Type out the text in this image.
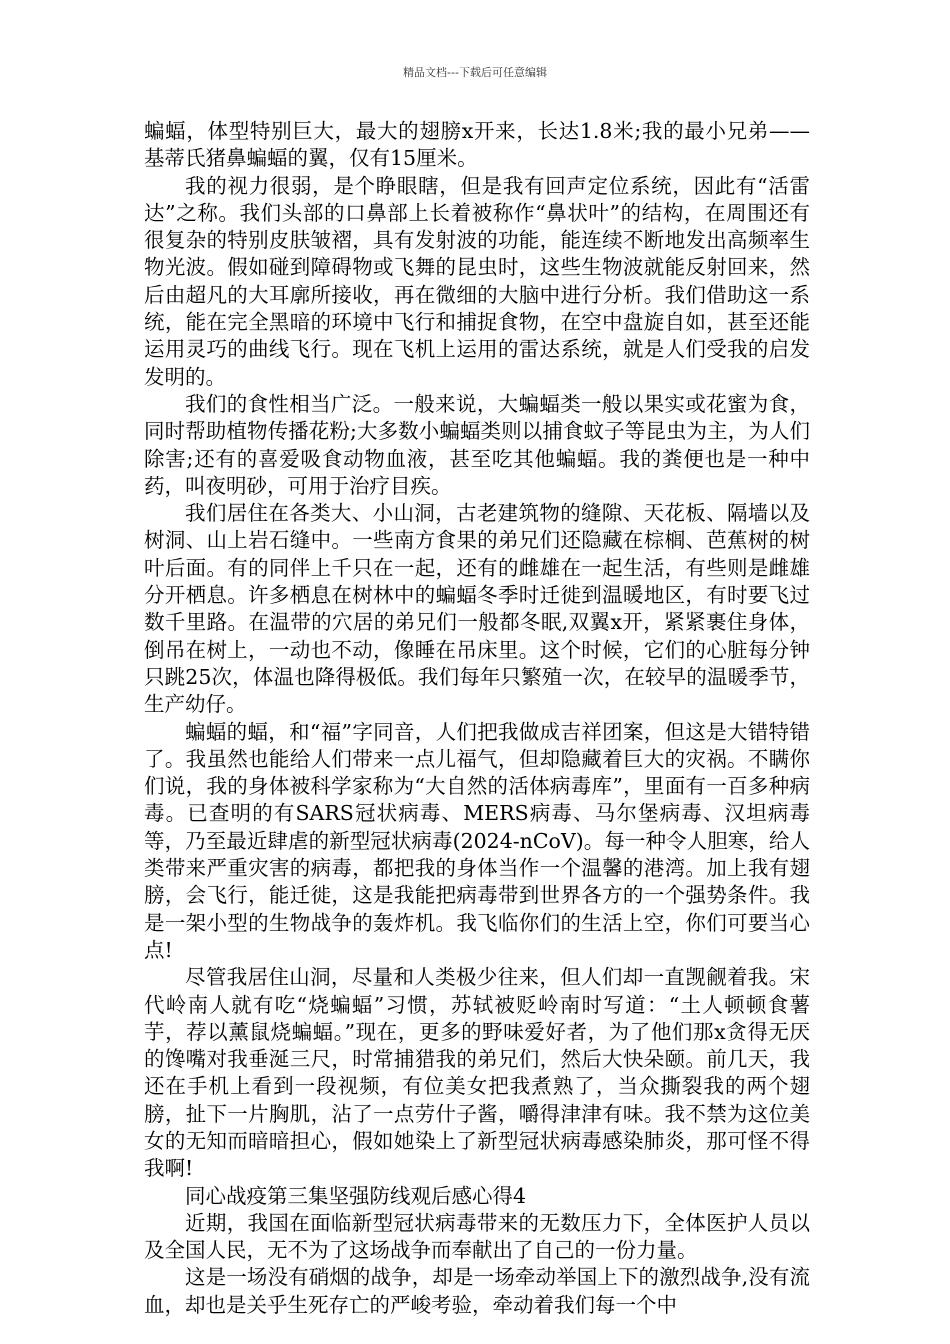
精品文档---下载后可任意编辑

蝙蝠，体型特别巨大，最大的翅膀x开来，长达1.8米;我的最小兄弟——基蒂氏猪鼻蝙蝠的翼，仅有15厘米。

我的视力很弱，是个睁眼瞎，但是我有回声定位系统，因此有“活雷达”之称。我们头部的口鼻部上长着被称作“鼻状叶”的结构，在周围还有很复杂的特别皮肤皱褶，具有发射波的功能，能连续不断地发出高频率生物光波。假如碰到障碍物或飞舞的昆虫时，这些生物波就能反射回来，然后由超凡的大耳廓所接收，再在微细的大脑中进行分析。我们借助这一系统，能在完全黑暗的环境中飞行和捕捉食物，在空中盘旋自如，甚至还能运用灵巧的曲线飞行。现在飞机上运用的雷达系统，就是人们受我的启发发明的。

我们的食性相当广泛。一般来说，大蝙蝠类一般以果实或花蜜为食，同时帮助植物传播花粉;大多数小蝙蝠类则以捕食蚊子等昆虫为主，为人们除害;还有的喜爱吸食动物血液，甚至吃其他蝙蝠。我的粪便也是一种中药，叫夜明砂，可用于治疗目疾。

我们居住在各类大、小山洞，古老建筑物的缝隙、天花板、隔墙以及树洞、山上岩石缝中。一些南方食果的弟兄们还隐藏在棕榈、芭蕉树的树叶后面。有的同伴上千只在一起，还有的雌雄在一起生活，有些则是雌雄分开栖息。许多栖息在树林中的蝙蝠冬季时迁徙到温暖地区，有时要飞过数千里路。在温带的穴居的弟兄们一般都冬眠,双翼x开，紧紧裹住身体，倒吊在树上，一动也不动，像睡在吊床里。这个时候，它们的心脏每分钟只跳25次，体温也降得极低。我们每年只繁殖一次，在较早的温暖季节，生产幼仔。

蝙蝠的蝠，和“福”字同音，人们把我做成吉祥团案，但这是大错特错了。我虽然也能给人们带来一点儿福气，但却隐藏着巨大的灾祸。不瞒你们说，我的身体被科学家称为“大自然的活体病毒库”，里面有一百多种病毒。已查明的有SARS冠状病毒、MERS病毒、马尔堡病毒、汉坦病毒等，乃至最近肆虐的新型冠状病毒(2024-nCoV)。每一种令人胆寒，给人类带来严重灾害的病毒，都把我的身体当作一个温馨的港湾。加上我有翅膀，会飞行，能迁徙，这是我能把病毒带到世界各方的一个强势条件。我是一架小型的生物战争的轰炸机。我飞临你们的生活上空，你们可要当心点!

尽管我居住山洞，尽量和人类极少往来，但人们却一直觊觎着我。宋代岭南人就有吃“烧蝙蝠”习惯，苏轼被贬岭南时写道：“土人顿顿食薯芋，荐以薰鼠烧蝙蝠。”现在，更多的野味爱好者，为了他们那x贪得无厌的馋嘴对我垂涎三尺，时常捕猎我的弟兄们，然后大快朵颐。前几天，我还在手机上看到一段视频，有位美女把我煮熟了，当众撕裂我的两个翅膀，扯下一片胸肌，沾了一点劳什子酱，嚼得津津有味。我不禁为这位美女的无知而暗暗担心，假如她染上了新型冠状病毒感染肺炎，那可怪不得我啊!

同心战疫第三集坚强防线观后感心得4

近期，我国在面临新型冠状病毒带来的无数压力下，全体医护人员以及全国人民，无不为了这场战争而奉献出了自己的一份力量。

这是一场没有硝烟的战争，却是一场牵动举国上下的激烈战争,没有流血，却也是关乎生死存亡的严峻考验，牵动着我们每一个中
